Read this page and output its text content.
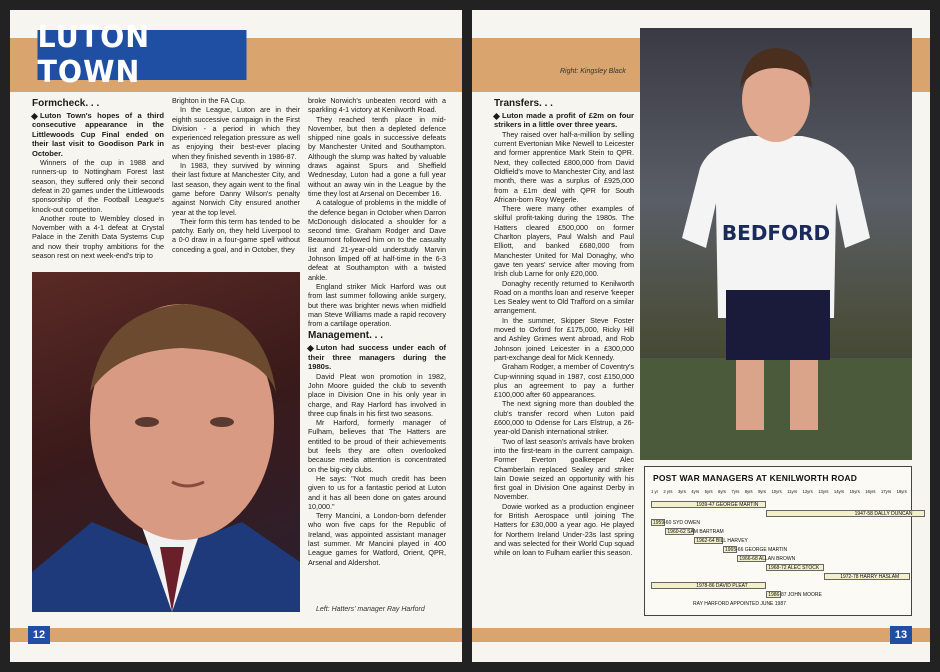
LUTON TOWN
Formcheck. . .

Luton Town's hopes of a third consecutive appearance in the Littlewoods Cup Final ended on their last visit to Goodison Park in October.

Winners of the cup in 1988 and runners-up to Nottingham Forest last season, they suffered only their second defeat in 20 games under the Littlewoods sponsorship of the Football League's knock-out competiton.

Another route to Wembley closed in November with a 4-1 defeat at Crystal Palace in the Zenith Data Systems Cup and now their trophy ambitions for the season rest on next week-end's trip to

Brighton in the FA Cup.

In the League, Luton are in their eighth successive campaign in the First Division - a period in which they experienced relegation pressure as well as enjoying their best-ever placing when they finished seventh in 1986-87.

In 1983, they survived by winning their last fixture at Manchester City, and last season, they again went to the final game before Danny Wilson's penalty against Norwich City ensured another year at the top level.

Their form this term has tended to be patchy. Early on, they held Liverpool to a 0-0 draw in a four-game spell without conceding a goal, and in October, they

broke Norwich's unbeaten record with a sparkling 4-1 victory at Kenilworth Road.

They reached tenth place in mid-November, but then a depleted defence shipped nine goals in successive defeats by Manchester United and Southampton. Although the slump was halted by valuable draws against Spurs and Sheffield Wednesday, Luton had a gone a full year without an away win in the League by the time they lost at Arsenal on December 16.

A catalogue of problems in the middle of the defence began in October when Darron McDonough dislocated a shoulder for a second time. Graham Rodger and Dave Beaumont followed him on to the casualty list and 21-year-old understudy Marvin Johnson limped off at half-time in the 6-3 defeat at Southampton with a twisted ankle.

England striker Mick Harford was out from last summer following ankle surgery, but there was brighter news when midfield man Steve Williams made a rapid recovery from a cartilage operation.

Management. . .

Luton had success under each of their three managers during the 1980s.

David Pleat won promotion in 1982, John Moore guided the club to seventh place in Division One in his only year in charge, and Ray Harford has involved in three cup finals in his first two seasons.

Mr Harford, formerly manager of Fulham, believes that The Hatters are entitled to be proud of their achievements but feels they are often overlooked because media attention is concentrated on the big-city clubs.

He says: "Not much credit has been given to us for a fantastic period at Luton and it has all been done on gates around 10,000."

Terry Mancini, a London-born defender who won five caps for the Republic of Ireland, was appointed assistant manager last summer. Mr Mancini played in 400 League games for Watford, Orient, QPR, Arsenal and Aldershot.

Left: Hatters' manager Ray Harford
12
Right: Kingsley Black
Transfers. . .

Luton made a profit of £2m on four strikers in a little over three years.

They raised over half-a-million by selling current Evertonian Mike Newell to Leicester and former apprentice Mark Stein to QPR. Next, they collected £800,000 from David Oldfield's move to Manchester City, and last month, there was a surplus of £925,000 from a £1m deal with QPR for South African-born Roy Wegerle.

There were many other examples of skilful profit-taking during the 1980s. The Hatters cleared £500,000 on former Charlton players, Paul Walsh and Paul Elliott, and banked £680,000 from Manchester United for Mal Donaghy, who gave ten years' service after moving from Irish club Larne for only £20,000.

Donaghy recently returned to Kenilworth Road on a months loan and reserve 'keeper Les Sealey went to Old Trafford on a similar arrangement.

In the summer, Skipper Steve Foster moved to Oxford for £175,000, Ricky Hill and Ashley Grimes went abroad, and Rob Johnson joined Leicester in a £300,000 part-exchange deal for Mick Kennedy.

Graham Rodger, a member of Coventry's Cup-winning squad in 1987, cost £150,000 plus an agreement to pay a further £100,000 after 60 appearances.

The next signing more than doubled the club's transfer record when Luton paid £600,000 to Odense for Lars Elstrup, a 26-year-old Danish international striker.

Two of last season's arrivals have broken into the first-team in the current campaign. Former Everton goalkeeper Alec Chamberlain replaced Sealey and striker Iain Dowie seized an opportunity with his first goal in Division One against Derby in November.

Dowie worked as a production engineer for British Aerospace until joining The Hatters for £30,000 a year ago. He played for Northern Ireland Under-23s last spring and was selected for their World Cup squad while on loan to Fulham earlier this season.

BEDFORD
POST WAR MANAGERS AT KENILWORTH ROAD
1 yr 2 yrs 3yrs 4yrs 5yrs 6yrs 7yrs 8yrs 9yrs 10yrs 11yrs 12yrs 13yrs 14yrs 15yrs 16yrs 17yrs 18yrs
1939-47 GEORGE MARTIN
1947-58 DALLY DUNCAN
1959-60 SYD OWEN
1960-62 SAM BARTRAM
1962-64 BILL HARVEY
1965-66 GEORGE MARTIN
1966-68 ALLAN BROWN
1968-72 ALEC STOCK
1972-78 HARRY HASLAM
1978-86 DAVID PLEAT
1986-87 JOHN MOORE
RAY HARFORD APPOINTED JUNE 1987
13
